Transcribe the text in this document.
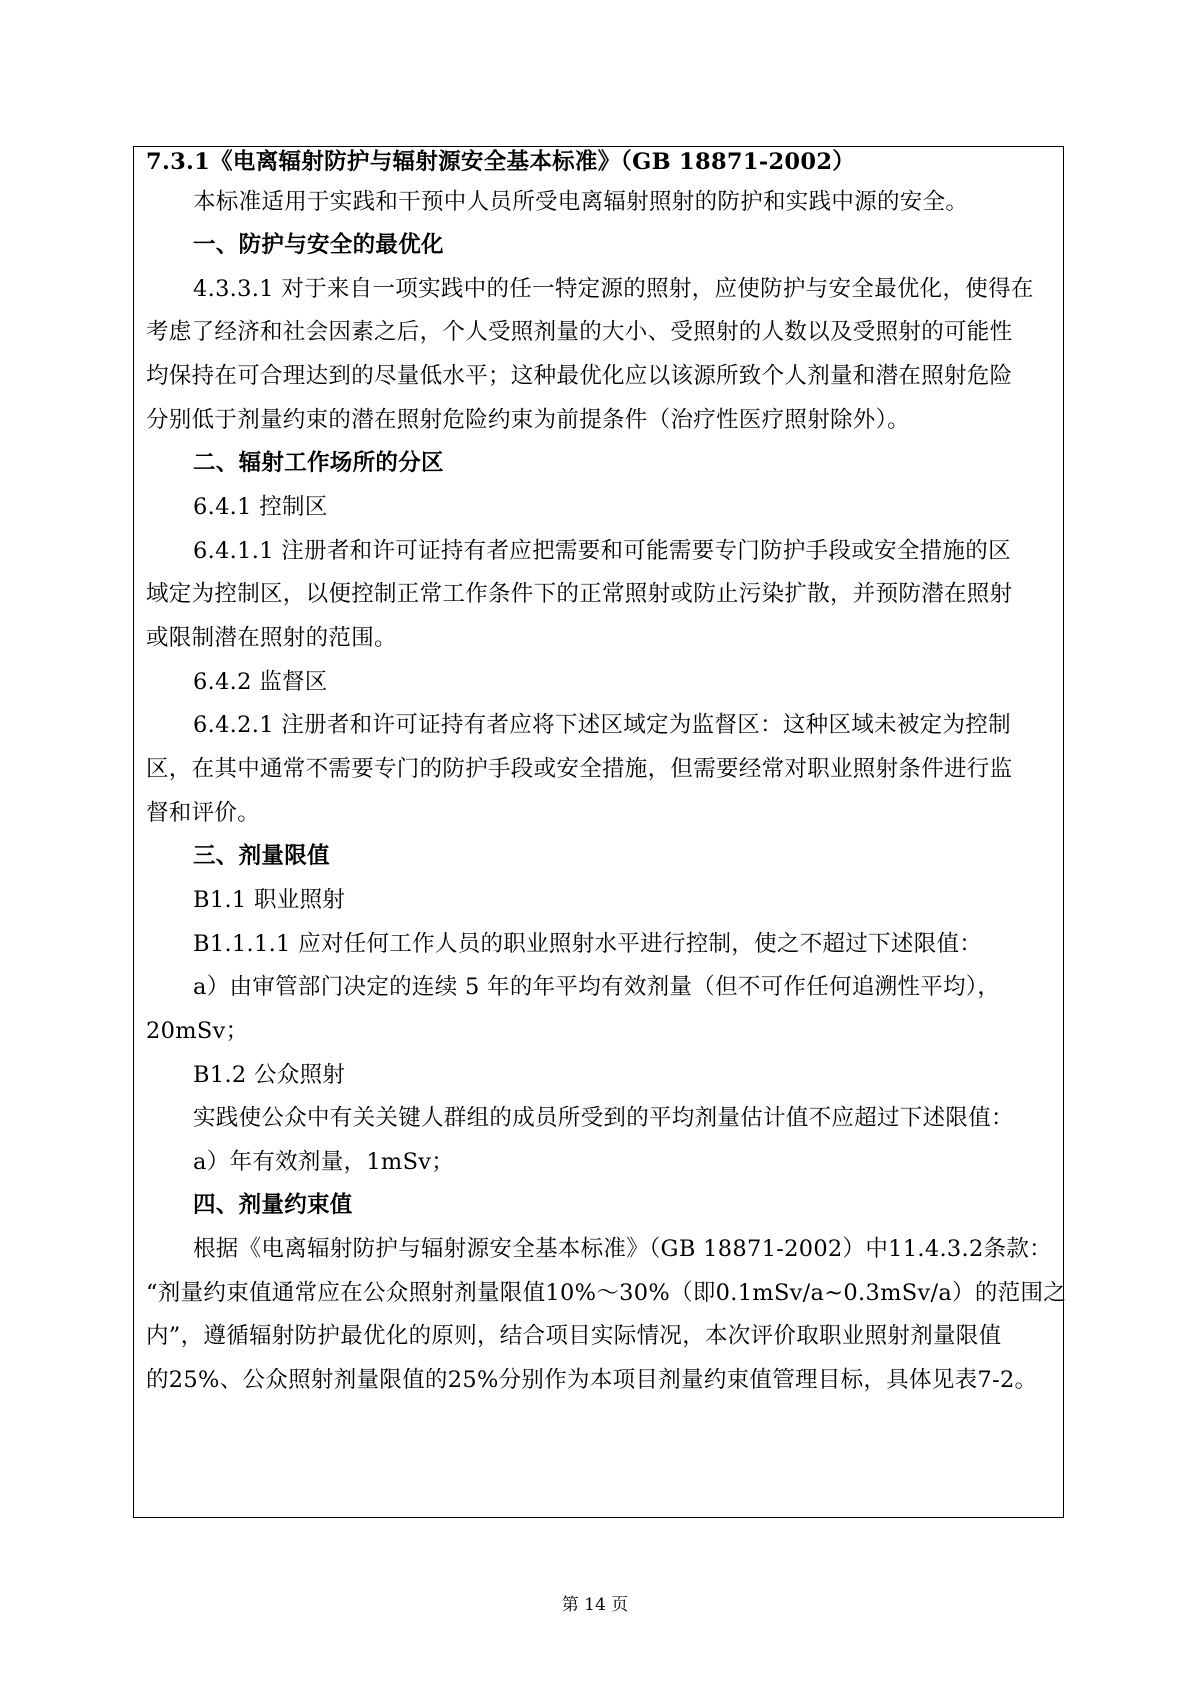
7.3.1《电离辐射防护与辐射源安全基本标准》（GB 18871-2002）
本标准适用于实践和干预中人员所受电离辐射照射的防护和实践中源的安全。
一、防护与安全的最优化
4.3.3.1 对于来自一项实践中的任一特定源的照射，应使防护与安全最优化，使得在
考虑了经济和社会因素之后，个人受照剂量的大小、受照射的人数以及受照射的可能性
均保持在可合理达到的尽量低水平；这种最优化应以该源所致个人剂量和潜在照射危险
分别低于剂量约束的潜在照射危险约束为前提条件（治疗性医疗照射除外）。
二、辐射工作场所的分区
6.4.1 控制区
6.4.1.1 注册者和许可证持有者应把需要和可能需要专门防护手段或安全措施的区
域定为控制区，以便控制正常工作条件下的正常照射或防止污染扩散，并预防潜在照射
或限制潜在照射的范围。
6.4.2 监督区
6.4.2.1 注册者和许可证持有者应将下述区域定为监督区：这种区域未被定为控制
区，在其中通常不需要专门的防护手段或安全措施，但需要经常对职业照射条件进行监
督和评价。
三、剂量限值
B1.1 职业照射
B1.1.1.1 应对任何工作人员的职业照射水平进行控制，使之不超过下述限值：
a）由审管部门决定的连续 5 年的年平均有效剂量（但不可作任何追溯性平均），
20mSv；
B1.2 公众照射
实践使公众中有关关键人群组的成员所受到的平均剂量估计值不应超过下述限值：
a）年有效剂量，1mSv；
四、剂量约束值
根据《电离辐射防护与辐射源安全基本标准》（GB 18871-2002）中11.4.3.2条款：
“剂量约束值通常应在公众照射剂量限值10%～30%（即0.1mSv/a~0.3mSv/a）的范围之
内”，遵循辐射防护最优化的原则，结合项目实际情况，本次评价取职业照射剂量限值
的25%、公众照射剂量限值的25%分别作为本项目剂量约束值管理目标，具体见表7-2。
第 14 页
